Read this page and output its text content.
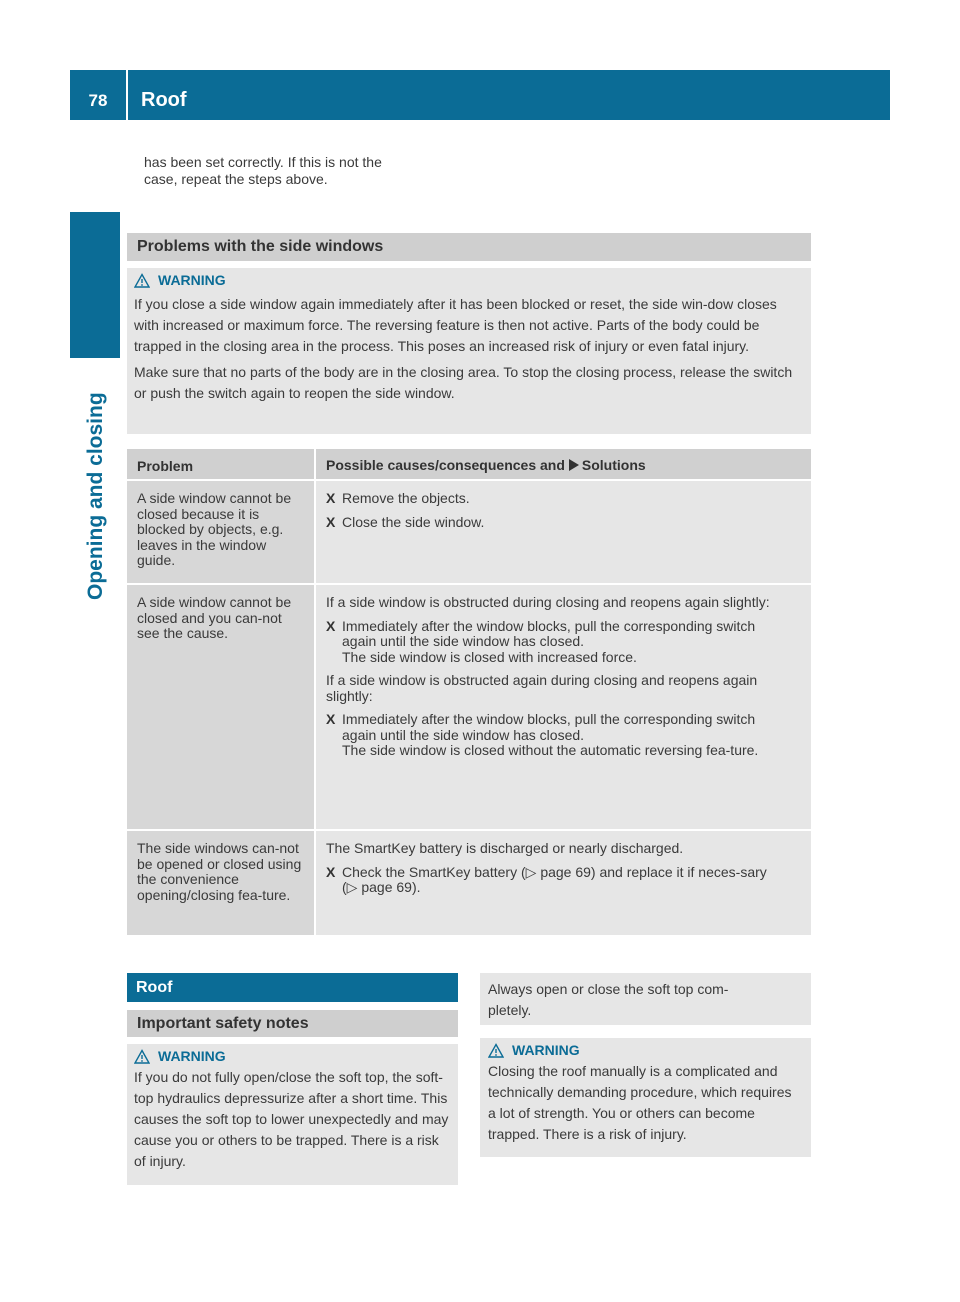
78	Roof
Opening and closing
has been set correctly. If this is not the
case, repeat the steps above.
Problems with the side windows
WARNING

If you close a side window again immediately after it has been blocked or reset, the side win-dow closes with increased or maximum force. The reversing feature is then not active. Parts of the body could be trapped in the closing area in the process. This poses an increased risk of injury or even fatal injury.

Make sure that no parts of the body are in the closing area. To stop the closing process, release the switch or push the switch again to reopen the side window.

Problem	Possible causes/consequences and Solutions
A side window cannot be closed because it is blocked by objects, e.g. leaves in the window guide.
X Remove the objects.
X Close the side window.
A side window cannot be closed and you can-not see the cause.

If a side window is obstructed during closing and reopens again slightly:

X Immediately after the window blocks, pull the corresponding switch again until the side window has closed.
The side window is closed with increased force.

If a side window is obstructed again during closing and reopens again slightly:

X Immediately after the window blocks, pull the corresponding switch again until the side window has closed.
The side window is closed without the automatic reversing fea-ture.
The side windows can-not be opened or closed using the convenience opening/closing fea-ture.

The SmartKey battery is discharged or nearly discharged.

X Check the SmartKey battery (▷ page 69) and replace it if neces-sary (▷ page 69).
Roof
Important safety notes
WARNING

If you do not fully open/close the soft top, the soft-top hydraulics depressurize after a short time. This causes the soft top to lower unexpectedly and may cause you or others to be trapped. There is a risk of injury.

Always open or close the soft top com-pletely.

WARNING

Closing the roof manually is a complicated and technically demanding procedure, which requires a lot of strength. You or others can become trapped. There is a risk of injury.
